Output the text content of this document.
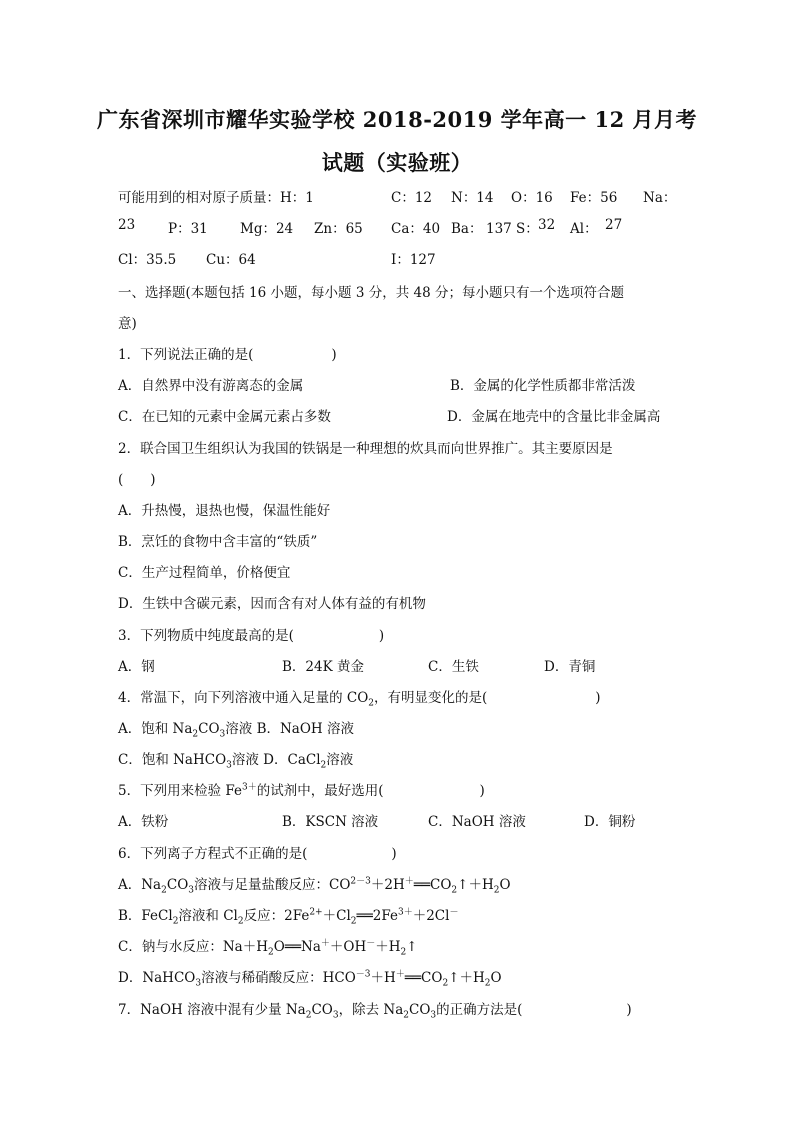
广东省深圳市耀华实验学校 2018-2019 学年高一 12 月月考
试题（实验班）
可能用到的相对原子质量：H：1	C：12 N：14 O：16 Fe：56 Na：
23 P：31 Mg：24 Zn：65 Ca：40 Ba： 137 S： 32 Al： 27
Cl：35.5 Cu：64	I：127
一、选择题(本题包括 16 小题，每小题 3 分，共 48 分；每小题只有一个选项符合题
意)
1．下列说法正确的是(	)
A．自然界中没有游离态的金属	B．金属的化学性质都非常活泼
C．在已知的元素中金属元素占多数	D．金属在地壳中的含量比非金属高
2．联合国卫生组织认为我国的铁锅是一种理想的炊具而向世界推广。其主要原因是
(　　)
A．升热慢，退热也慢，保温性能好
B．烹饪的食物中含丰富的“铁质”
C．生产过程简单，价格便宜
D．生铁中含碳元素，因而含有对人体有益的有机物
3．下列物质中纯度最高的是(	)
A．钢	B．24K 黄金	C．生铁	D．青铜
4．常温下，向下列溶液中通入足量的 $CO_2$，有明显变化的是(	)
A．饱和 $Na_2CO_3$溶液 B．NaOH 溶液
C．饱和 NaHCO$_3$溶液 D．CaCl$_2$溶液
5．下列用来检验 $Fe^{3+}$的试剂中，最好选用(	)
A．铁粉	B．KSCN 溶液	C．NaOH 溶液	D．铜粉
6．下列离子方程式不正确的是(	)
A．$Na_2CO_3$溶液与足量盐酸反应：$CO^{2-3}+2H^+══CO_2↑+H_2O$
B．FeCl$_2$溶液和 $Cl_2$反应：$2Fe^{2+}+Cl_2══2Fe^{3+}+2Cl^-$
C．钠与水反应：$Na+H_2O══Na^++OH^-+H_2↑$
D．NaHCO$_3$溶液与稀硝酸反应：$HCO^{-3}+H^+══CO_2↑+H_2O$
7．NaOH 溶液中混有少量 $Na_2CO_3$，除去 $Na_2CO_3$的正确方法是(	)
